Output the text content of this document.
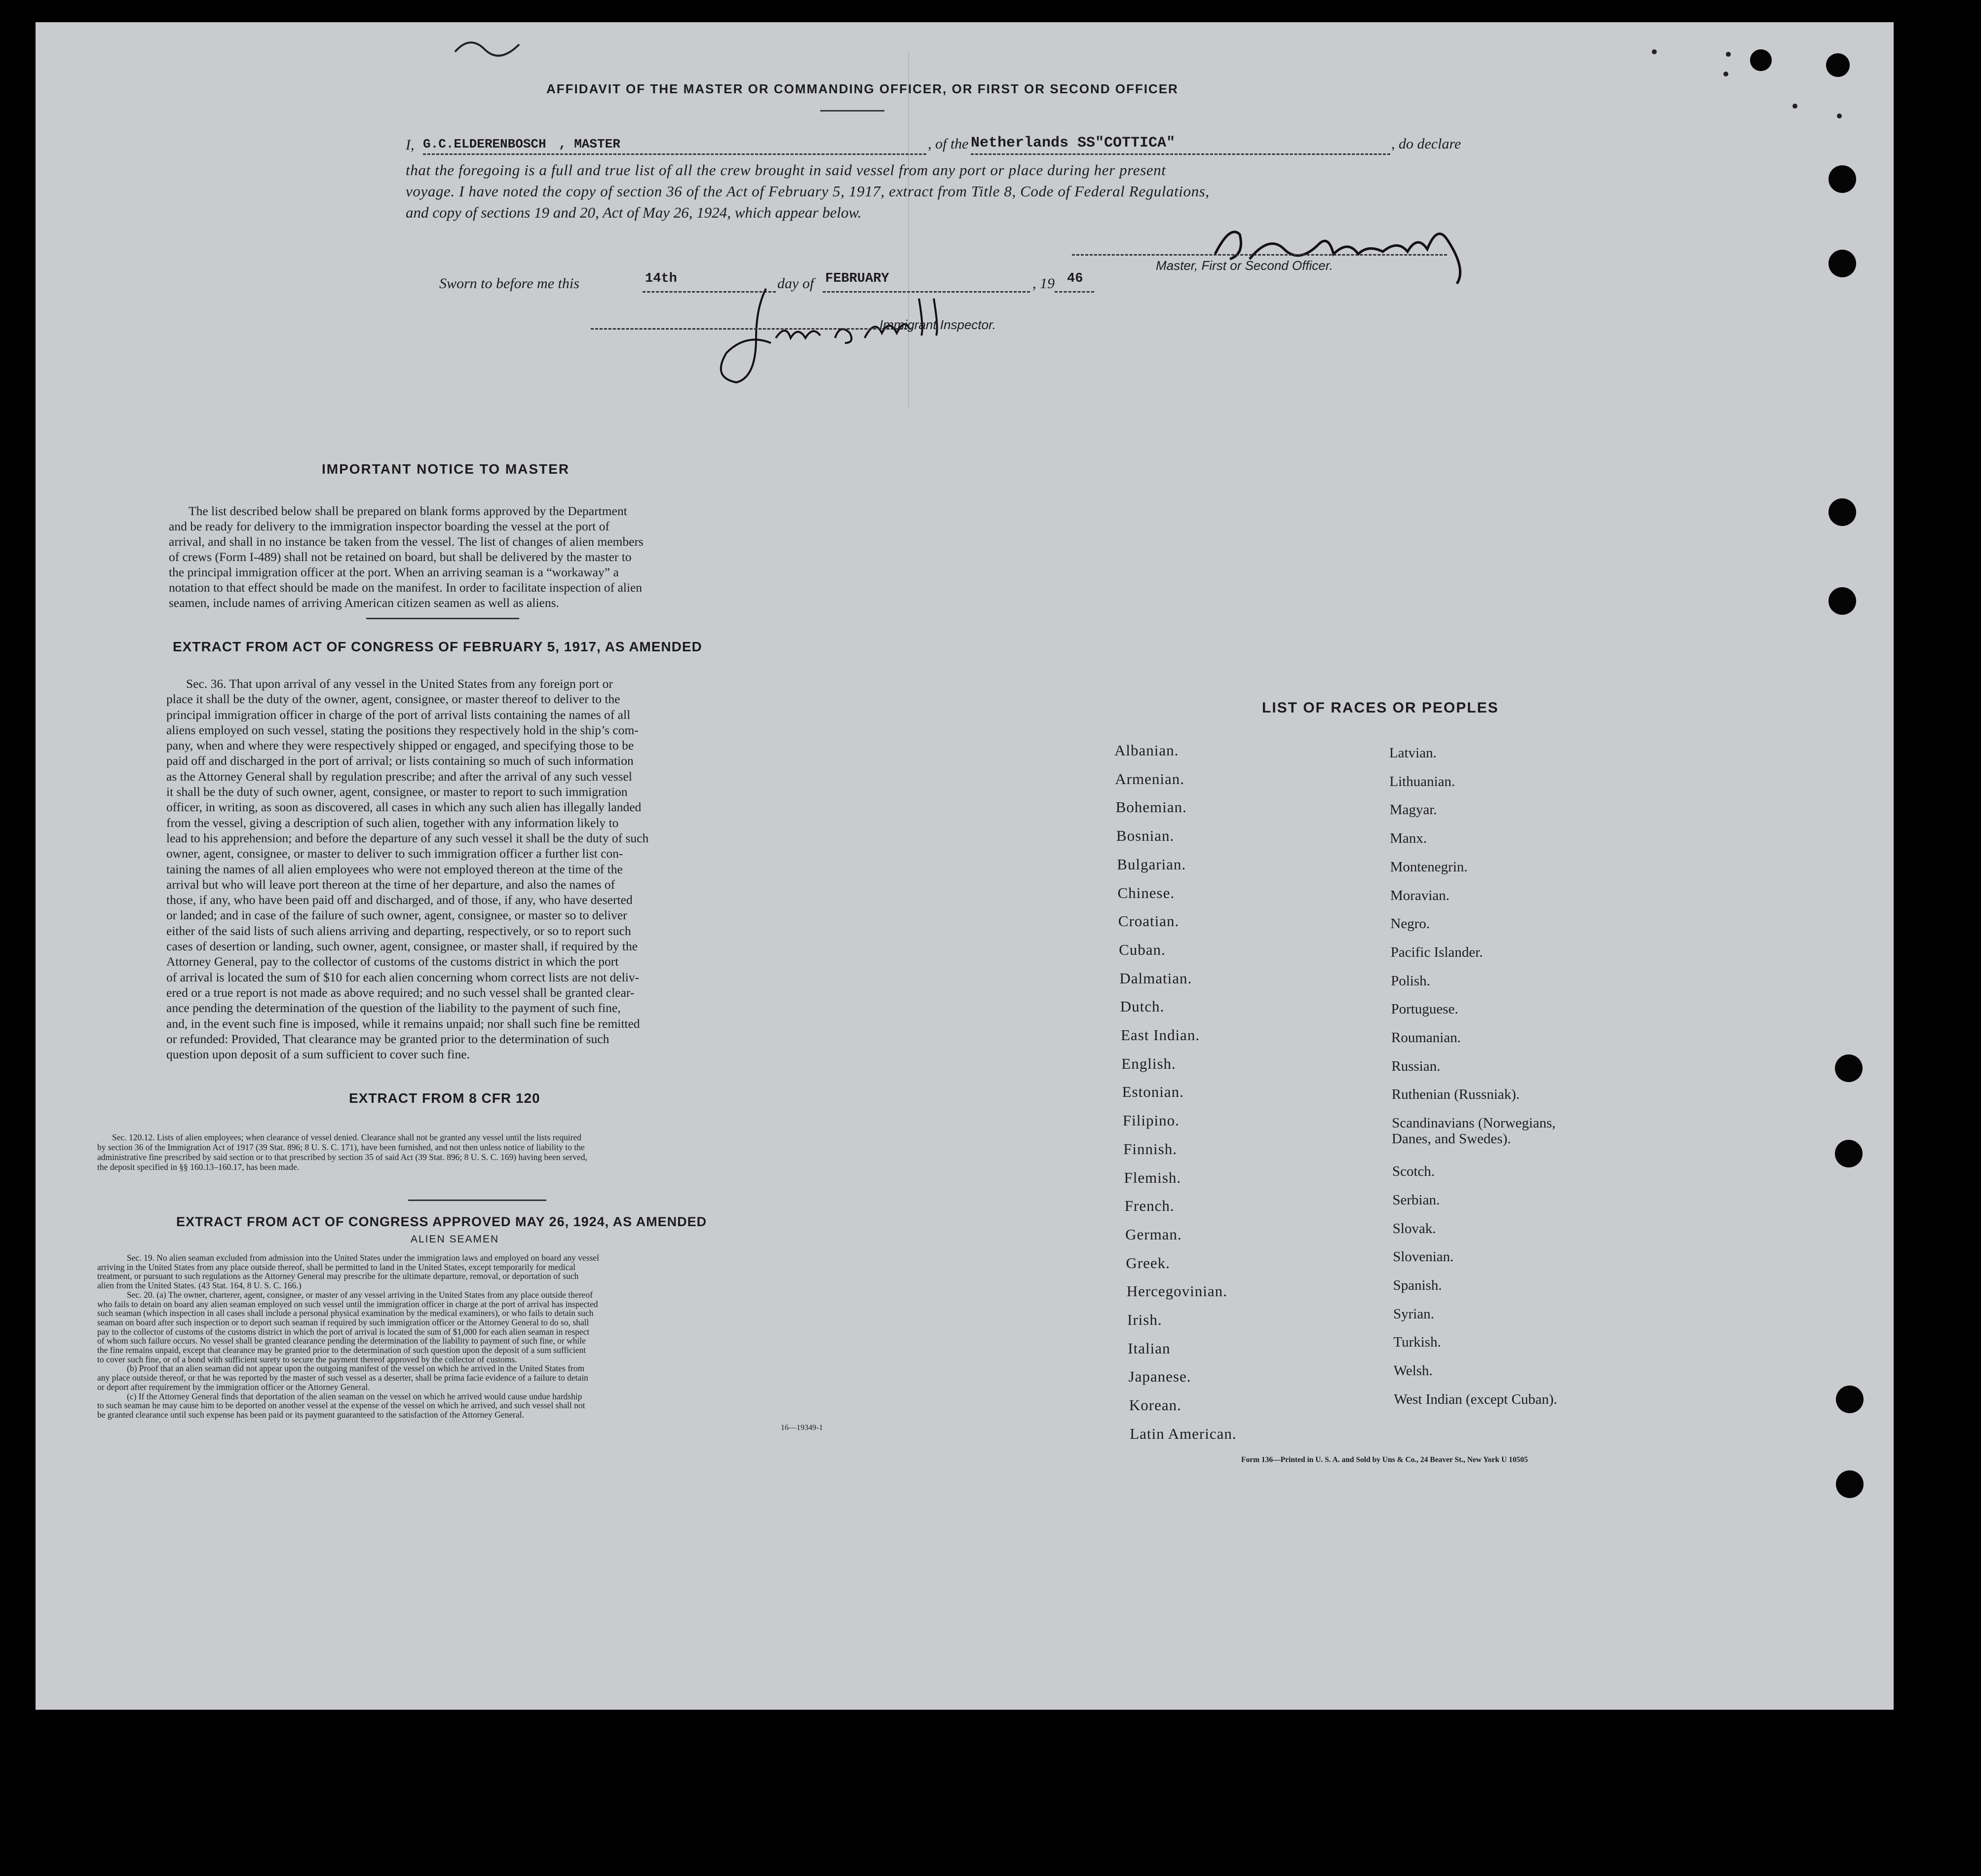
AFFIDAVIT OF THE MASTER OR COMMANDING OFFICER, OR FIRST OR SECOND OFFICER
I, G.C.ELDERENBOSCH , MASTER	, of the Netherlands SS"COTTICA"	, do declare
that the foregoing is a full and true list of all the crew brought in said vessel from any port or place during her present
voyage. I have noted the copy of section 36 of the Act of February 5, 1917, extract from Title 8, Code of Federal Regulations,
and copy of sections 19 and 20, Act of May 26, 1924, which appear below.
Master, First or Second Officer.
Sworn to before me this	14th	day of FEBRUARY	, 19 46
Immigrant Inspector.
IMPORTANT NOTICE TO MASTER
The list described below shall be prepared on blank forms approved by the Department
and be ready for delivery to the immigration inspector boarding the vessel at the port of
arrival, and shall in no instance be taken from the vessel. The list of changes of alien members
of crews (Form I-489) shall not be retained on board, but shall be delivered by the master to
the principal immigration officer at the port. When an arriving seaman is a “workaway” a
notation to that effect should be made on the manifest. In order to facilitate inspection of alien
seamen, include names of arriving American citizen seamen as well as aliens.
EXTRACT FROM ACT OF CONGRESS OF FEBRUARY 5, 1917, AS AMENDED
Sec. 36. That upon arrival of any vessel in the United States from any foreign port or
place it shall be the duty of the owner, agent, consignee, or master thereof to deliver to the
principal immigration officer in charge of the port of arrival lists containing the names of all
aliens employed on such vessel, stating the positions they respectively hold in the ship’s com-
pany, when and where they were respectively shipped or engaged, and specifying those to be
paid off and discharged in the port of arrival; or lists containing so much of such information
as the Attorney General shall by regulation prescribe; and after the arrival of any such vessel
it shall be the duty of such owner, agent, consignee, or master to report to such immigration
officer, in writing, as soon as discovered, all cases in which any such alien has illegally landed
from the vessel, giving a description of such alien, together with any information likely to
lead to his apprehension; and before the departure of any such vessel it shall be the duty of such
owner, agent, consignee, or master to deliver to such immigration officer a further list con-
taining the names of all alien employees who were not employed thereon at the time of the
arrival but who will leave port thereon at the time of her departure, and also the names of
those, if any, who have been paid off and discharged, and of those, if any, who have deserted
or landed; and in case of the failure of such owner, agent, consignee, or master so to deliver
either of the said lists of such aliens arriving and departing, respectively, or so to report such
cases of desertion or landing, such owner, agent, consignee, or master shall, if required by the
Attorney General, pay to the collector of customs of the customs district in which the port
of arrival is located the sum of $10 for each alien concerning whom correct lists are not deliv-
ered or a true report is not made as above required; and no such vessel shall be granted clear-
ance pending the determination of the question of the liability to the payment of such fine,
and, in the event such fine is imposed, while it remains unpaid; nor shall such fine be remitted
or refunded: Provided, That clearance may be granted prior to the determination of such
question upon deposit of a sum sufficient to cover such fine.
EXTRACT FROM 8 CFR 120
Sec. 120.12. Lists of alien employees; when clearance of vessel denied. Clearance shall not be granted any vessel until the lists required
by section 36 of the Immigration Act of 1917 (39 Stat. 896; 8 U. S. C. 171), have been furnished, and not then unless notice of liability to the
administrative fine prescribed by said section or to that prescribed by section 35 of said Act (39 Stat. 896; 8 U. S. C. 169) having been served,
the deposit specified in §§ 160.13–160.17, has been made.
EXTRACT FROM ACT OF CONGRESS APPROVED MAY 26, 1924, AS AMENDED
ALIEN SEAMEN
Sec. 19. No alien seaman excluded from admission into the United States under the immigration laws and employed on board any vessel
arriving in the United States from any place outside thereof, shall be permitted to land in the United States, except temporarily for medical
treatment, or pursuant to such regulations as the Attorney General may prescribe for the ultimate departure, removal, or deportation of such
alien from the United States. (43 Stat. 164, 8 U. S. C. 166.)
Sec. 20. (a) The owner, charterer, agent, consignee, or master of any vessel arriving in the United States from any place outside thereof
who fails to detain on board any alien seaman employed on such vessel until the immigration officer in charge at the port of arrival has inspected
such seaman (which inspection in all cases shall include a personal physical examination by the medical examiners), or who fails to detain such
seaman on board after such inspection or to deport such seaman if required by such immigration officer or the Attorney General to do so, shall
pay to the collector of customs of the customs district in which the port of arrival is located the sum of $1,000 for each alien seaman in respect
of whom such failure occurs. No vessel shall be granted clearance pending the determination of the liability to payment of such fine, or while
the fine remains unpaid, except that clearance may be granted prior to the determination of such question upon the deposit of a sum sufficient
to cover such fine, or of a bond with sufficient surety to secure the payment thereof approved by the collector of customs.
(b) Proof that an alien seaman did not appear upon the outgoing manifest of the vessel on which he arrived in the United States from
any place outside thereof, or that he was reported by the master of such vessel as a deserter, shall be prima facie evidence of a failure to detain
or deport after requirement by the immigration officer or the Attorney General.
(c) If the Attorney General finds that deportation of the alien seaman on the vessel on which he arrived would cause undue hardship
to such seaman he may cause him to be deported on another vessel at the expense of the vessel on which he arrived, and such vessel shall not
be granted clearance until such expense has been paid or its payment guaranteed to the satisfaction of the Attorney General.
16—19349-1
LIST OF RACES OR PEOPLES
Albanian.
Armenian.
Bohemian.
Bosnian.
Bulgarian.
Chinese.
Croatian.
Cuban.
Dalmatian.
Dutch.
East Indian.
English.
Estonian.
Filipino.
Finnish.
Flemish.
French.
German.
Greek.
Hercegovinian.
Irish.
Italian
Japanese.
Korean.
Latin American.
Latvian.
Lithuanian.
Magyar.
Manx.
Montenegrin.
Moravian.
Negro.
Pacific Islander.
Polish.
Portuguese.
Roumanian.
Russian.
Ruthenian (Russniak).
Scandinavians (Norwegians,
Danes, and Swedes).
Scotch.
Serbian.
Slovak.
Slovenian.
Spanish.
Syrian.
Turkish.
Welsh.
West Indian (except Cuban).
Form 136—Printed in U. S. A. and Sold by Uns & Co., 24 Beaver St., New York U 10505
